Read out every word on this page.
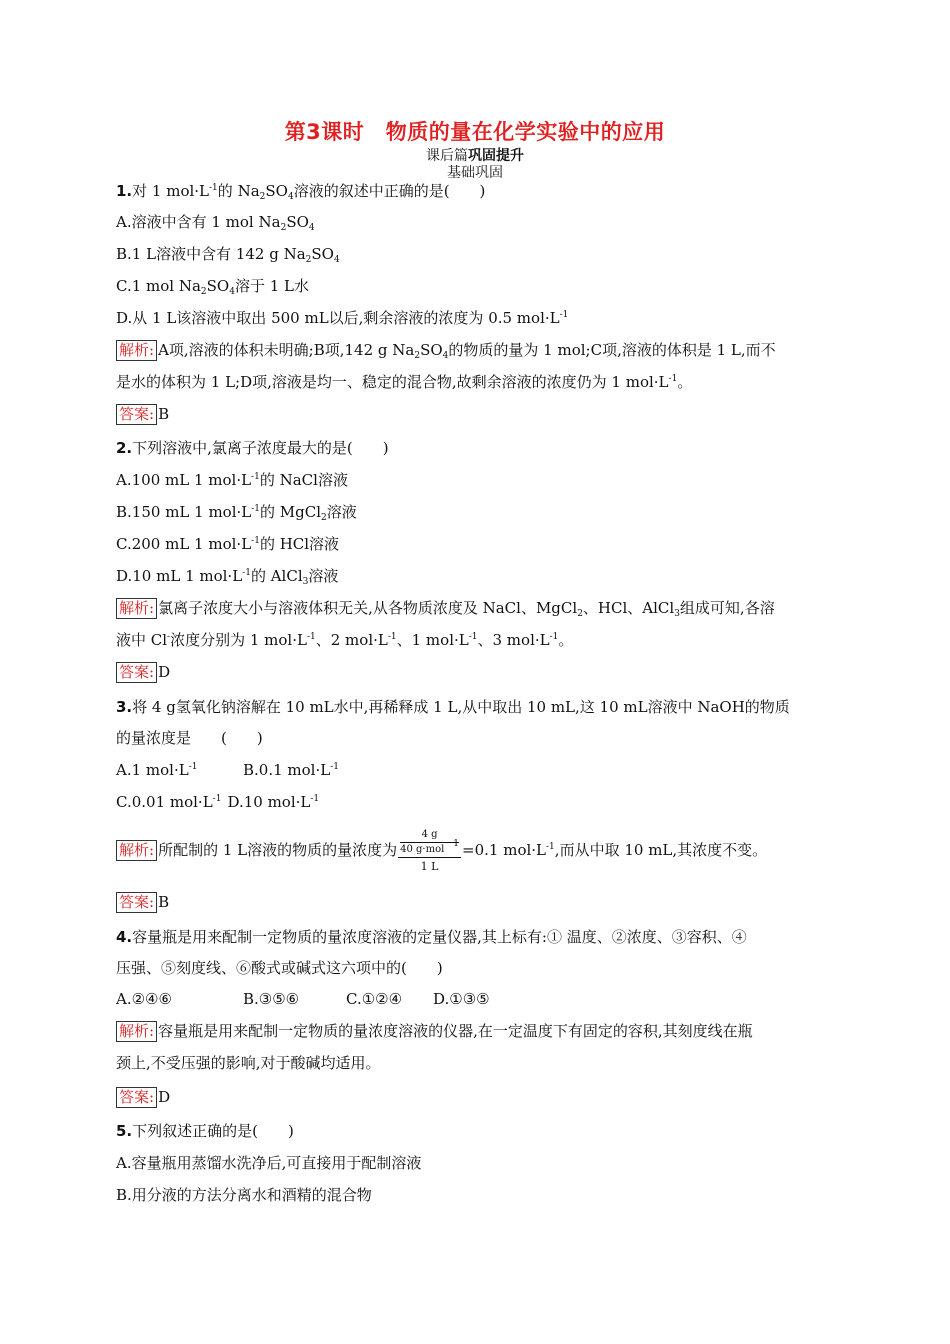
第3课时　物质的量在化学实验中的应用
课后篇巩固提升
基础巩固
1.对 1 $mol\cdot L^{-1}$的 $Na_2SO_4$溶液的叙述中正确的是(　　)
A.溶液中含有 1 mol $Na_2SO_4$
B.1 L溶液中含有 142 g $Na_2SO_4$
C.1 mol $Na_2SO_4$溶于 1 L水
D.从 1 L该溶液中取出 500 mL以后,剩余溶液的浓度为 0.5 $mol\cdot L^{-1}$
解析: A项,溶液的体积未明确;B项,142 g $Na_2SO_4$的物质的量为 1 mol;C项,溶液的体积是 1 L,而不
是水的体积为 1 L;D项,溶液是均一、稳定的混合物,故剩余溶液的浓度仍为 1 $mol\cdot L^{-1}$。
答案: B
2.下列溶液中,氯离子浓度最大的是(　　)
A.100 mL 1 $mol\cdot L^{-1}$的 NaCl溶液
B.150 mL 1 $mol\cdot L^{-1}$的 MgCl$_2$溶液
C.200 mL 1 $mol\cdot L^{-1}$的 HCl溶液
D.10 mL 1 $mol\cdot L^{-1}$的 AlCl$_3$溶液
解析: 氯离子浓度大小与溶液体积无关,从各物质浓度及 NaCl、MgCl$_2$、HCl、AlCl$_3$组成可知,各溶
液中 Cl-浓度分别为 1 $mol\cdot L^{-1}$、2 $mol\cdot L^{-1}$、1 $mol\cdot L^{-1}$、3 $mol\cdot L^{-1}$。
答案: D
3.将 4 g氢氧化钠溶解在 10 mL水中,再稀释成 1 L,从中取出 10 mL,这 10 mL溶液中 NaOH的物质
的量浓度是　　(　　)
A.1 $mol\cdot L^{-1}$	B.0.1 $mol\cdot L^{-1}$
C.0.01 $mol\cdot L^{-1}$ D.10 $mol\cdot L^{-1}$
解析: 所配制的 1 L溶液的物质的量浓度为 4 g
40 g·mol$^{-1}$
1 L =0.1 $mol\cdot L^{-1}$,而从中取 10 mL,其浓度不变。
答案: B
4.容量瓶是用来配制一定物质的量浓度溶液的定量仪器,其上标有:① 温度、②浓度、③容积、④
压强、⑤刻度线、⑥酸式或碱式这六项中的(　　)
A.②④⑥	B.③⑤⑥	C.①②④ D.①③⑤
解析: 容量瓶是用来配制一定物质的量浓度溶液的仪器,在一定温度下有固定的容积,其刻度线在瓶
颈上,不受压强的影响,对于酸碱均适用。
答案: D
5.下列叙述正确的是(　　)
A.容量瓶用蒸馏水洗净后,可直接用于配制溶液
B.用分液的方法分离水和酒精的混合物
